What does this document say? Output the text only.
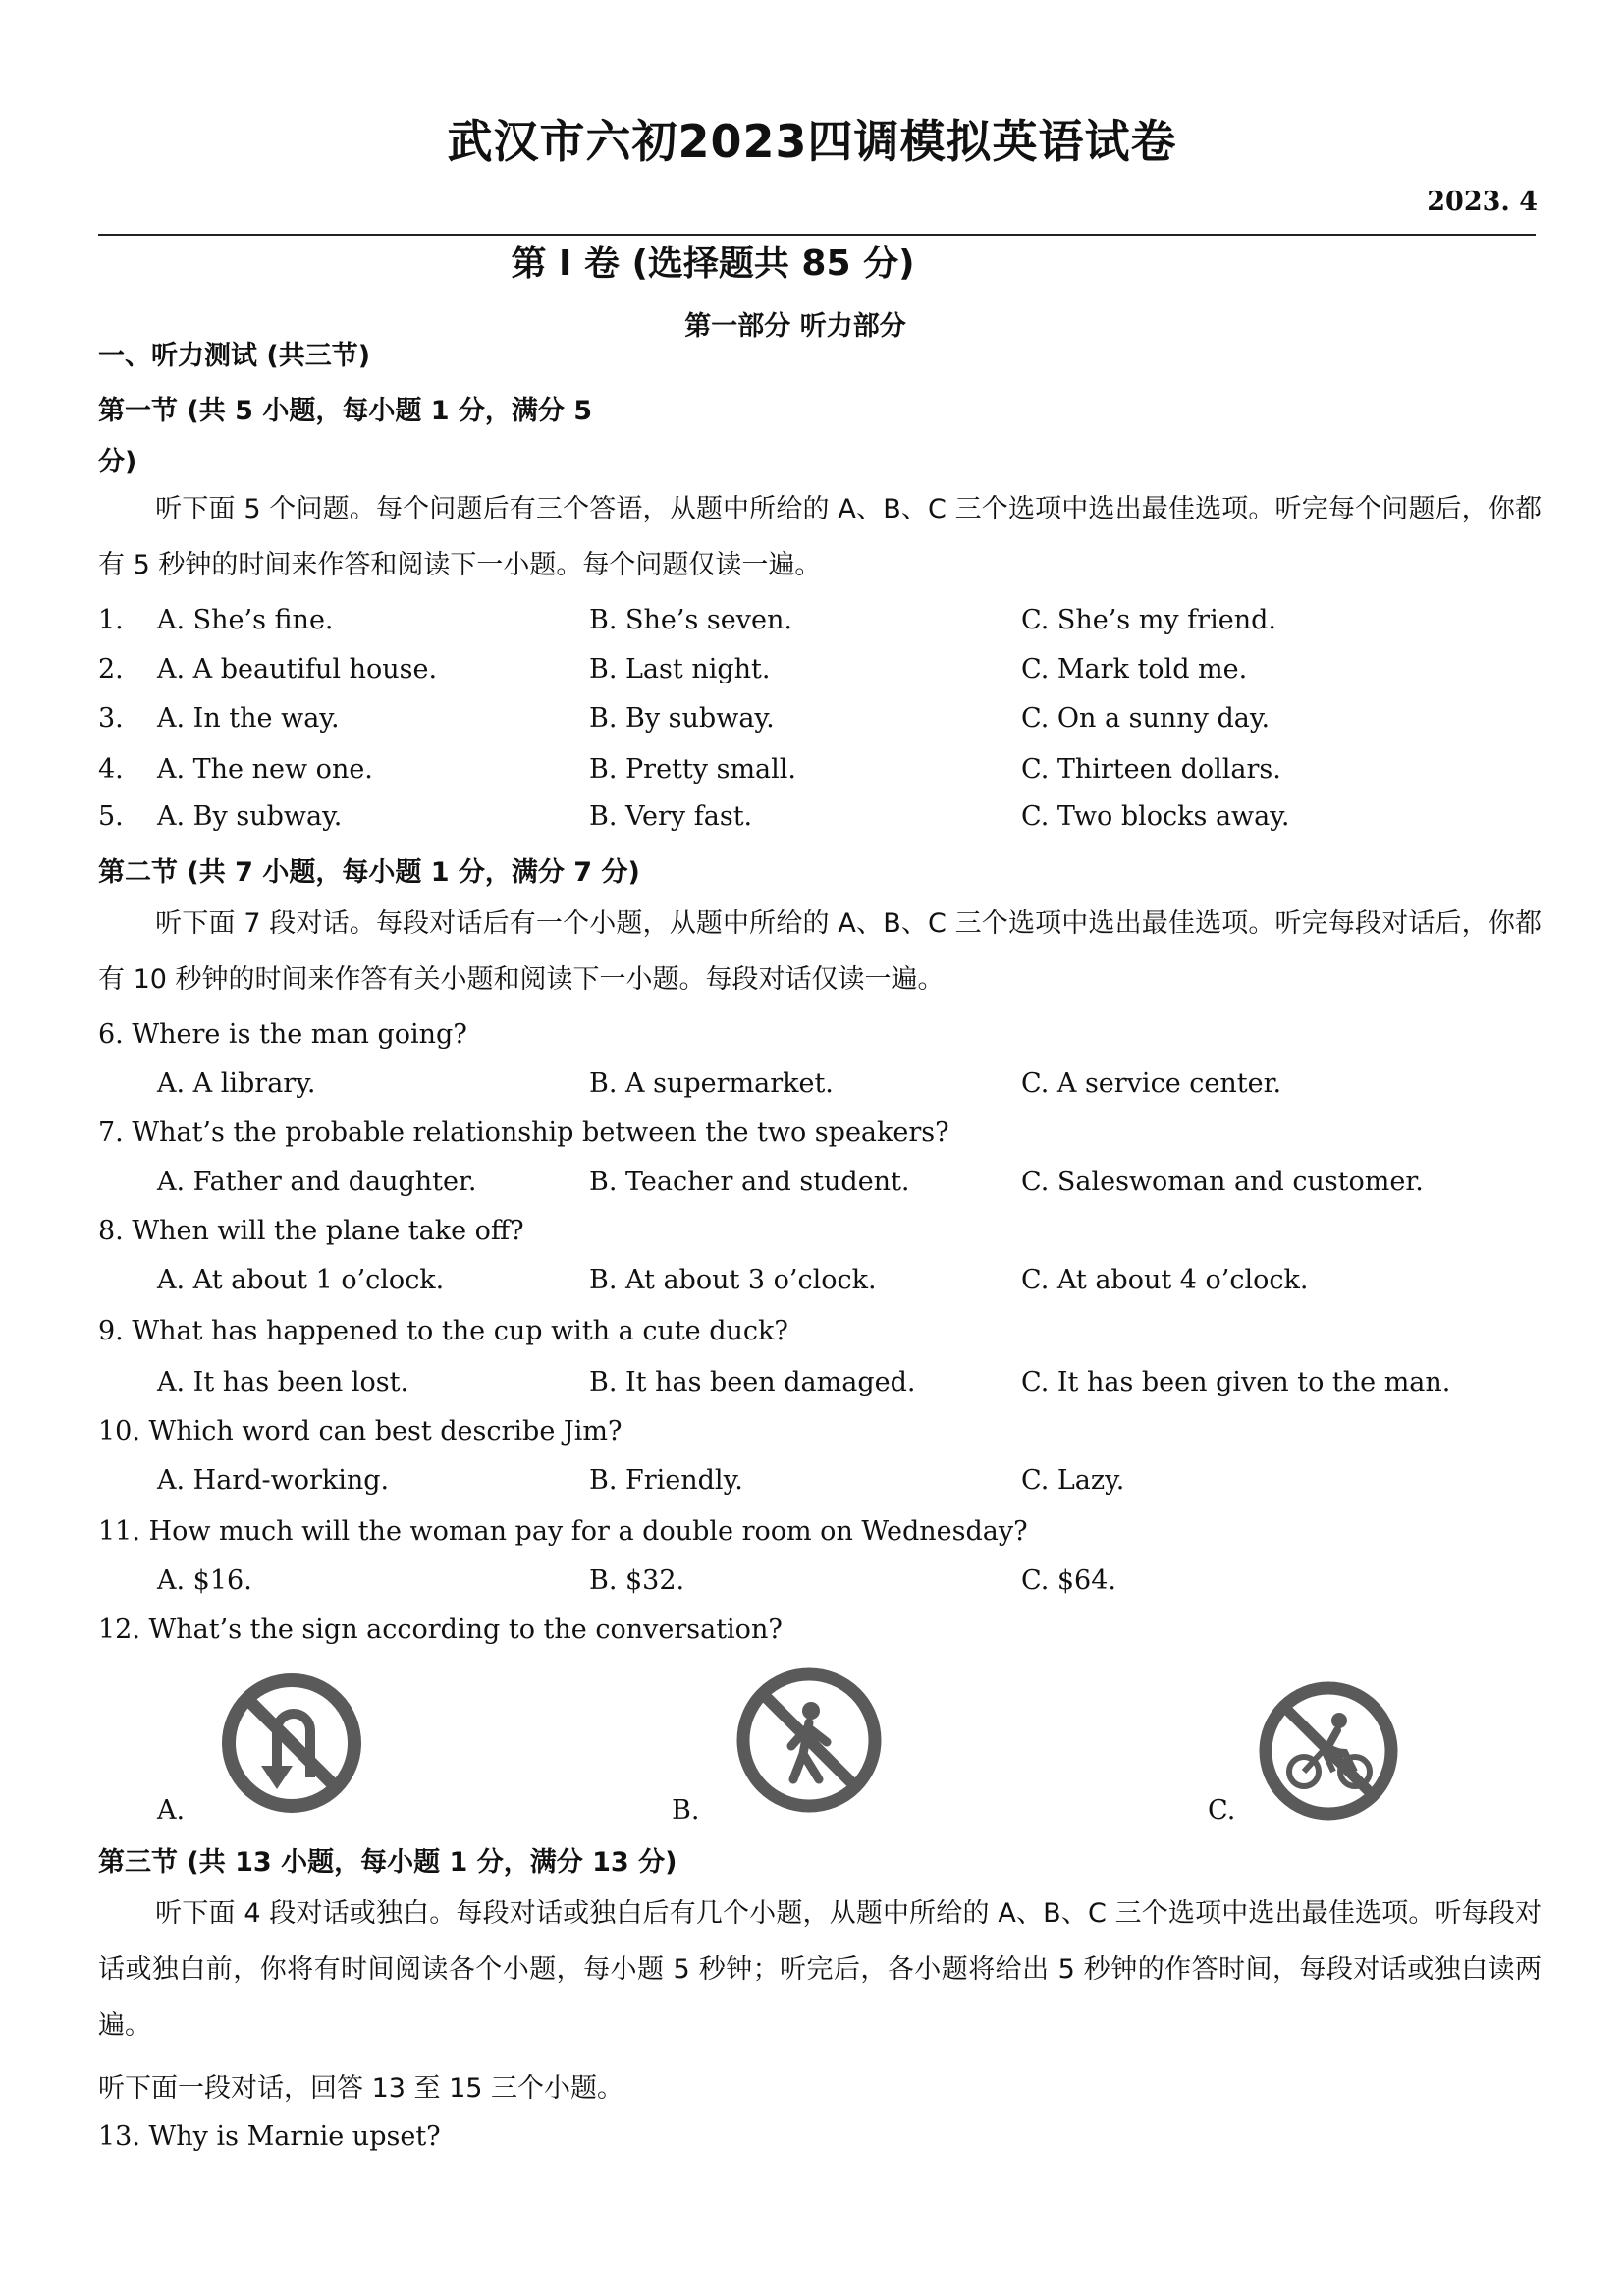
武汉市六初2023四调模拟英语试卷
2023. 4
第 I 卷 (选择题共 85 分)
第一部分 听力部分
一、听力测试 (共三节)
第一节 (共 5 小题，每小题 1 分，满分 5
分)
听下面 5 个问题。每个问题后有三个答语，从题中所给的 A、B、C 三个选项中选出最佳选项。听完每个问题后，你都有 5 秒钟的时间来作答和阅读下一小题。每个问题仅读一遍。
1. A. She’s fine.	B. She’s seven.	C. She’s my friend.
2. A. A beautiful house.	B. Last night.	C. Mark told me.
3. A. In the way.	B. By subway.	C. On a sunny day.
4. A. The new one.	B. Pretty small.	C. Thirteen dollars.
5. A. By subway.	B. Very fast.	C. Two blocks away.
第二节 (共 7 小题，每小题 1 分，满分 7 分)
听下面 7 段对话。每段对话后有一个小题，从题中所给的 A、B、C 三个选项中选出最佳选项。听完每段对话后，你都有 10 秒钟的时间来作答有关小题和阅读下一小题。每段对话仅读一遍。
6. Where is the man going?
A. A library.	B. A supermarket.	C. A service center.
7. What’s the probable relationship between the two speakers?
A. Father and daughter.	B. Teacher and student.	C. Saleswoman and customer.
8. When will the plane take off?
A. At about 1 o’clock.	B. At about 3 o’clock.	C. At about 4 o’clock.
9. What has happened to the cup with a cute duck?
A. It has been lost.	B. It has been damaged.	C. It has been given to the man.
10. Which word can best describe Jim?
A. Hard-working.	B. Friendly.	C. Lazy.
11. How much will the woman pay for a double room on Wednesday?
A. $16.	B. $32.	C. $64.
12. What’s the sign according to the conversation?
A.	B.	C.
第三节 (共 13 小题，每小题 1 分，满分 13 分)
听下面 4 段对话或独白。每段对话或独白后有几个小题，从题中所给的 A、B、C 三个选项中选出最佳选项。听每段对话或独白前，你将有时间阅读各个小题，每小题 5 秒钟；听完后，各小题将给出 5 秒钟的作答时间，每段对话或独白读两遍。
听下面一段对话，回答 13 至 15 三个小题。
13. Why is Marnie upset?
